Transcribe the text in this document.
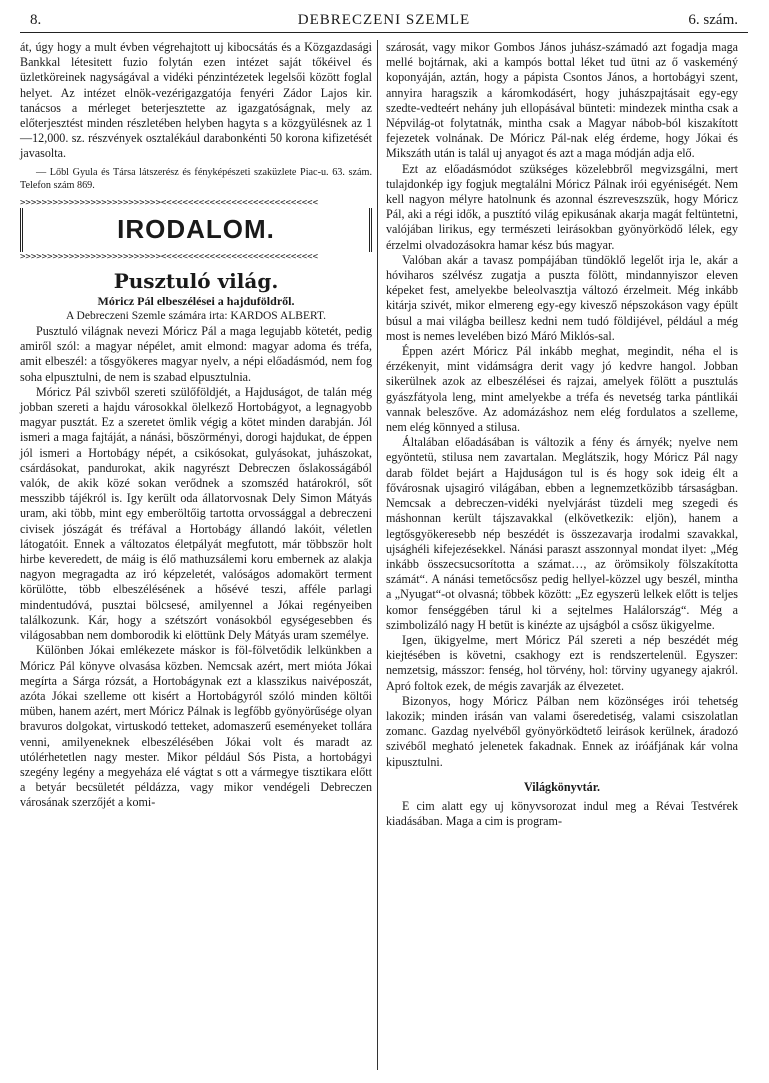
8.	DEBRECZENI SZEMLE	6. szám.

át, úgy hogy a mult évben végrehajtott uj kibocsátás és a Közgazdasági Bankkal létesitett fuzio folytán ezen intézet saját tőkéivel és üzletköreinek nagyságával a vidéki pénzintézetek legelsői között foglal helyet. Az intézet elnök-vezérigazgatója fenyéri Zádor Lajos kir. tanácsos a mérleget beterjesztette az igazgatóságnak, mely az előterjesztést minden részletében helyben hagyta s a közgyülésnek az 1—12,000. sz. részvények osztalékául darabonkénti 50 korona kifizetését javasolta.

— Lőbl Gyula és Társa látszerész és fényképészeti szaküzlete Piac-u. 63. szám. Telefon szám 869.

>>>>>>>>>>>>>>>>>>>>>>>>>><<<<<<<<<<<<<<<<<<<<<<<<<<<<<
IRODALOM.
>>>>>>>>>>>>>>>>>>>>>>>>>><<<<<<<<<<<<<<<<<<<<<<<<<<<<<

Pusztuló világ.

Móricz Pál elbeszélései a hajduföldről.

A Debreczeni Szemle számára irta: KARDOS ALBERT.

Pusztuló világnak nevezi Móricz Pál a maga legujabb kötetét, pedig amiről szól: a magyar népélet, amit elmond: magyar adoma és tréfa, amit elbeszél: a tősgyökeres magyar nyelv, a népi előadásmód, nem fog soha elpusztulni, de nem is szabad elpusztulnia.

Móricz Pál szivből szereti szülőföldjét, a Hajduságot, de talán még jobban szereti a hajdu városokkal ölelkező Hortobágyot, a legnagyobb magyar pusztát. Ez a szeretet ömlik végig a kötet minden darabján. Jól ismeri a maga fajtáját, a nánási, böszörményi, dorogi hajdukat, de éppen jól ismeri a Hortobágy népét, a csikósokat, gulyásokat, juhászokat, csárdásokat, pandurokat, akik nagyrészt Debreczen őslakosságából valók, de akik közé sokan verődnek a szomszéd határokról, sőt messzibb tájékról is. Igy került oda állatorvosnak Dely Simon Mátyás uram, aki több, mint egy emberöltőig tartotta orvossággal a debreczeni civisek jószágát és tréfával a Hortobágy állandó lakóit, véletlen látogatóit. Ennek a változatos életpályát megfutott, már többször holt hirbe keveredett, de máig is élő mathuzsálemi koru embernek az alakja nagyon megragadta az iró képzeletét, valóságos adomakört terment körülötte, több elbeszélésének a hősévé teszi, afféle parlagi mindentudóvá, pusztai bölcsesé, amilyennel a Jókai regényeiben találkozunk. Kár, hogy a szétszórt vonásokból egységesebben és világosabban nem domborodik ki elöttünk Dely Mátyás uram személye.

Különben Jókai emlékezete máskor is föl-fölvetődik lelkünkben a Móricz Pál könyve olvasása közben. Nemcsak azért, mert mióta Jókai megírta a Sárga rózsát, a Hortobágynak ezt a klasszikus naivéposzát, azóta Jókai szelleme ott kisért a Hortobágyról szóló minden költői müben, hanem azért, mert Móricz Pálnak is legfőbb gyönyörűsége olyan bravuros dolgokat, virtuskodó tetteket, adomaszerű eseményeket tollára venni, amilyeneknek elbeszélésében Jókai volt és maradt az utólérhetetlen nagy mester. Mikor például Sós Pista, a hortobágyi szegény legény a megyeháza elé vágtat s ott a vármegye tisztikara előtt a betyár becsületét példázza, vagy mikor vendégeli Debreczen városának szerzőjét a komi-

szárosát, vagy mikor Gombos János juhász-számadó azt fogadja maga mellé bojtárnak, aki a kampós bottal léket tud ütni az ő vaskeméný koponyáján, aztán, hogy a pápista Csontos János, a hortobágyi szent, annyira haragszik a káromkodásért, hogy juhászpajtásait egy-egy szedte-vedteért nehány juh ellopásával bünteti: mindezek mintha csak a Népvilág-ot folytatnák, mintha csak a Magyar nábob-ból kiszakított fejezetek volnának. De Móricz Pál-nak elég érdeme, hogy Jókai és Mikszáth után is talál uj anyagot és azt a maga módján adja elő.

Ezt az előadásmódot szükséges közelebbről megvizsgálni, mert tulajdonkép igy fogjuk megtalálni Móricz Pálnak irói egyéniségét. Nem kell nagyon mélyre hatolnunk és azonnal észreveszszük, hogy Móricz Pál, aki a régi idők, a pusztító világ epikusának akarja magát feltüntetni, valójában lirikus, egy természeti leirásokban gyönyörködő lélek, egy érzelmi olvadozásokra hamar kész bús magyar.

Valóban akár a tavasz pompájában tündöklő legelőt irja le, akár a hóviharos szélvész zugatja a puszta fölött, mindannyiszor eleven képeket fest, amelyekbe beleolvasztja változó érzelmeit. Még inkább kitárja szivét, mikor elmereng egy-egy kivesző népszokáson vagy épült búsul a mai világba beillesz kedni nem tudó földijével, például a még most is nemes levelében bizó Máró Miklós-sal.

Éppen azért Móricz Pál inkább meghat, megindit, néha el is érzékenyit, mint vidámságra derit vagy jó kedvre hangol. Jobban sikerülnek azok az elbeszélései és rajzai, amelyek fölött a pusztulás gyászfátyola leng, mint amelyekbe a tréfa és nevetség tarka pántlikái vannak beleszőve. Az adomázáshoz nem elég fordulatos a szelleme, nem elég könnyed a stilusa.

Általában előadásában is változik a fény és árnyék; nyelve nem egyöntetü, stilusa nem zavartalan. Meglátszik, hogy Móricz Pál nagy darab földet bejárt a Hajduságon tul is és hogy sok ideig élt a fővárosnak ujsagiró világában, ebben a legnemzetközibb társaságban. Nemcsak a debreczen-vidéki nyelvjárást tüzdeli meg szegedi és máshonnan került tájszavakkal (elkövetkezik: eljön), hanem a legtősgyökeresebb nép beszédét is összezavarja irodalmi szavakkal, ujsághéli kifejezésekkel. Nánási paraszt asszonnyal mondat ilyet: „Még inkább összecsucsorította a számat…, az örömsikoly fölszakította számát“. A nánási temetőcsősz pedig hellyel-közzel ugy beszél, mintha a „Nyugat“-ot olvasná; többek között: „Ez egyszerü lelkek előtt is teljes komor fenséggében tárul ki a sejtelmes Halálország“. Még a szimbolizáló nagy H betüt is kinézte az ujságból a csősz ükigyelme.

Igen, ükigyelme, mert Móricz Pál szereti a nép beszédét még kiejtésében is követni, csakhogy ezt is rendszertelenül. Egyszer: nemzetsig, másszor: fenség, hol törvény, hol: törviny ugyanegy ajakról. Apró foltok ezek, de mégis zavarják az élvezetet.

Bizonyos, hogy Móricz Pálban nem közönséges irói tehetség lakozik; minden irásán van valami őseredetiség, valami csiszolatlan zomanc. Gazdag nyelvéből gyönyörködtető leirások kerülnek, áradozó szivéből megható jelenetek fakadnak. Ennek az iróáfjának kár volna kipusztulni.

Világkönyvtár.

E cim alatt egy uj könyvsorozat indul meg a Révai Testvérek kiadásában. Maga a cim is program-
